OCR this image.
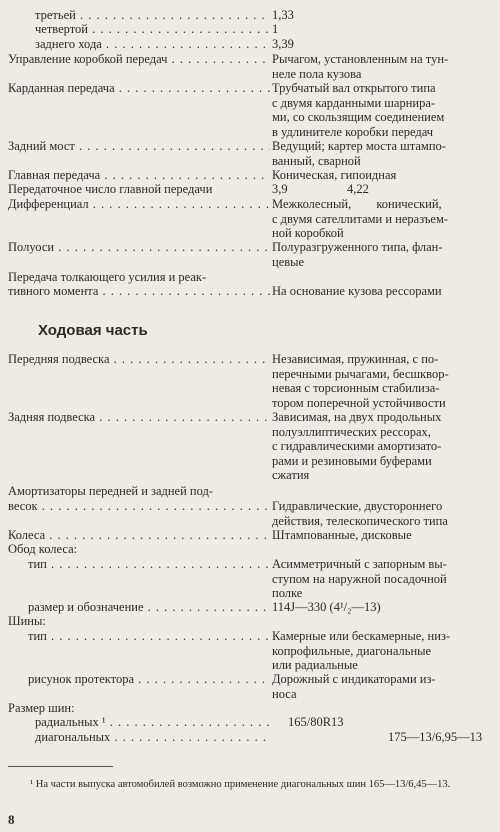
третьей . . .	1,33
четвертой . . .	1
заднего хода . . .	3,39
Управление коробкой передач . . .	Рычагом, установленным на тун-
неле пола кузова
Карданная передача . . .	Трубчатый вал открытого типа
с двумя карданными шарнира-
ми, со скользящим соединением
в удлинителе коробки передач
Задний мост . . .	Ведущий; картер моста штампо-
ванный, сварной
Главная передача . . .	Коническая, гипоидная
Передаточное число главной передачи	3,9	4,22
Дифференциал . . .	Межколесный, конический,
с двумя сателлитами и неразъем-
ной коробкой
Полуоси . . .	Полуразгруженного типа, флан-
цевые
Передача толкающего усилия и реак-
тивного момента . . .	На основание кузова рессорами
Ходовая часть
Передняя подвеска . . .	Независимая, пружинная, с по-
перечными рычагами, бесшквор-
невая с торсионным стабилиза-
тором поперечной устойчивости
Задняя подвеска . . .	Зависимая, на двух продольных
полуэллиптических рессорах,
с гидравлическими амортизато-
рами и резиновыми буферами
сжатия
Амортизаторы передней и задней под-
весок . . .	Гидравлические, двустороннего
действия, телескопического типа
Колеса . . .	Штампованные, дисковые
Обод колеса:
тип . . .	Асимметричный с запорным вы-
ступом на наружной посадочной
полке
размер и обозначение . . .	114J—330 (4¹/₂—13)
Шины:
тип . . .	Камерные или бескамерные, низ-
копрофильные, диагональные
или радиальные
рисунок протектора . . .	Дорожный с индикаторами из-
носа
Размер шин:
радиальных ¹ . . .	165/80R13
диагональных . . .	175—13/6,95—13
¹ На части выпуска автомобилей возможно применение диагональных шин 165—13/6,45—13.
8
